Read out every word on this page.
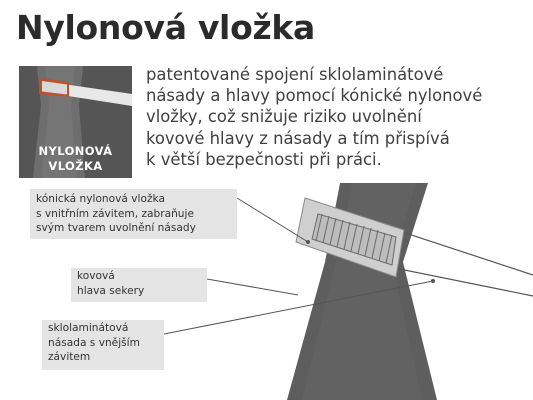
Nylonová vložka
NYLONOVÁ
VLOŽKA
patentované spojení sklolaminátové
násady a hlavy pomocí kónické nylonové
vložky, což snižuje riziko uvolnění
kovové hlavy z násady a tím přispívá
k větší bezpečnosti při práci.
kónická nylonová vložka
s vnitřním závitem, zabraňuje
svým tvarem uvolnění násady
kovová
hlava sekery
sklolaminátová
násada s vnějším
závitem
